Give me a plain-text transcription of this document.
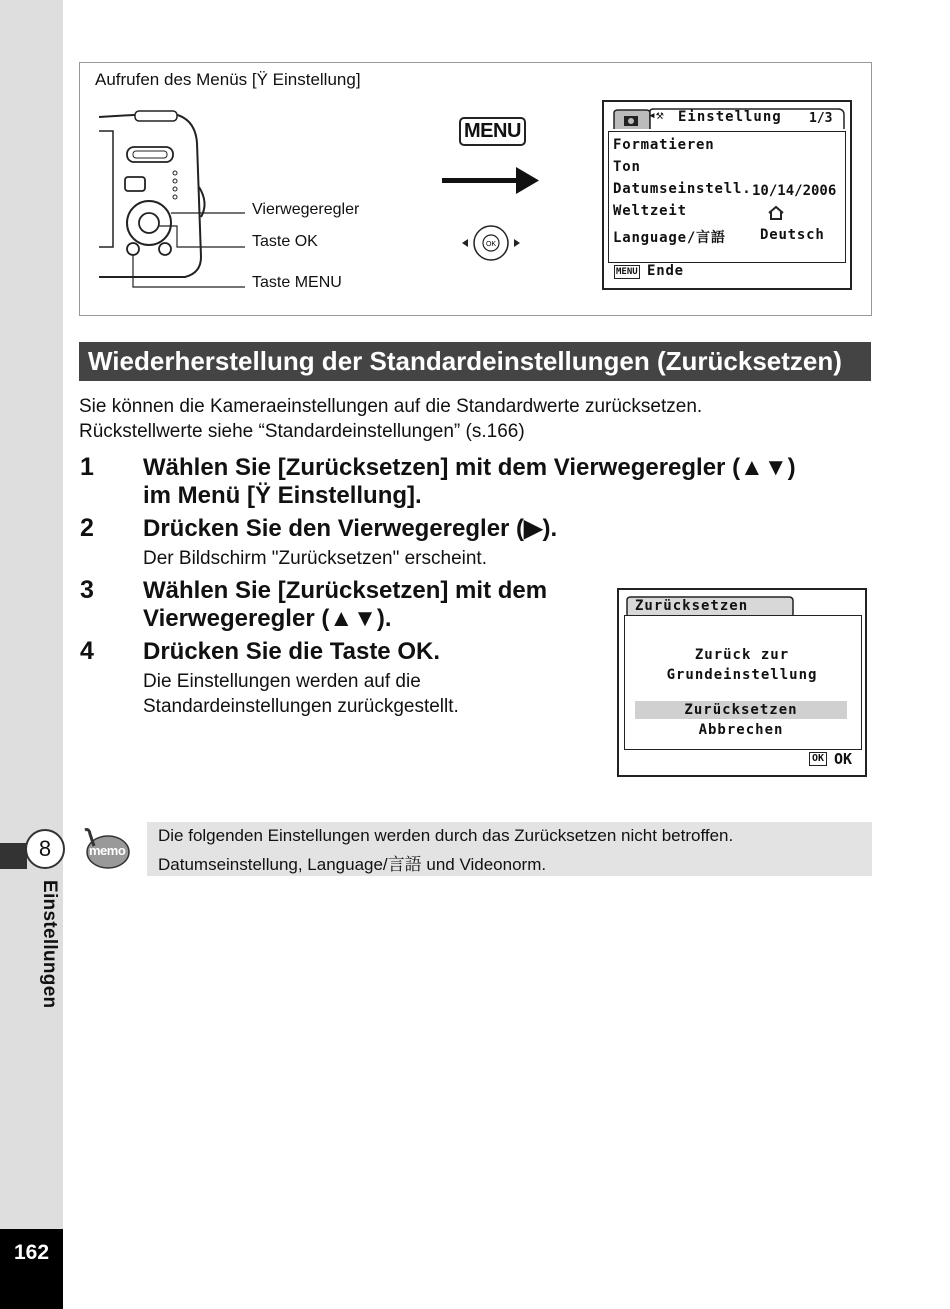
8
Einstellungen
162
Aufrufen des Menüs [Ÿ Einstellung]
Vierwegeregler
Taste OK
Taste MENU
MENU
OK
◂⚒ Einstellung 1/3
Formatieren
Ton
Datumseinstell.
Weltzeit
Language/言語
10/14/2006
Deutsch
MENU Ende
Wiederherstellung der Standardeinstellungen (Zurücksetzen)
Sie können die Kameraeinstellungen auf die Standardwerte zurücksetzen.
Rückstellwerte siehe “Standardeinstellungen” (s.166)
1 Wählen Sie [Zurücksetzen] mit dem Vierwegeregler (▲▼)
im Menü [Ÿ Einstellung].
2 Drücken Sie den Vierwegeregler (▶).
Der Bildschirm "Zurücksetzen" erscheint.
3 Wählen Sie [Zurücksetzen] mit dem
Vierwegeregler (▲▼).
4 Drücken Sie die Taste OK.
Die Einstellungen werden auf die
Standardeinstellungen zurückgestellt.
Zurücksetzen
Zurück zur
Grundeinstellung
Zurücksetzen
Abbrechen
OK OK
memo
Die folgenden Einstellungen werden durch das Zurücksetzen nicht betroffen.
Datumseinstellung, Language/言語 und Videonorm.
